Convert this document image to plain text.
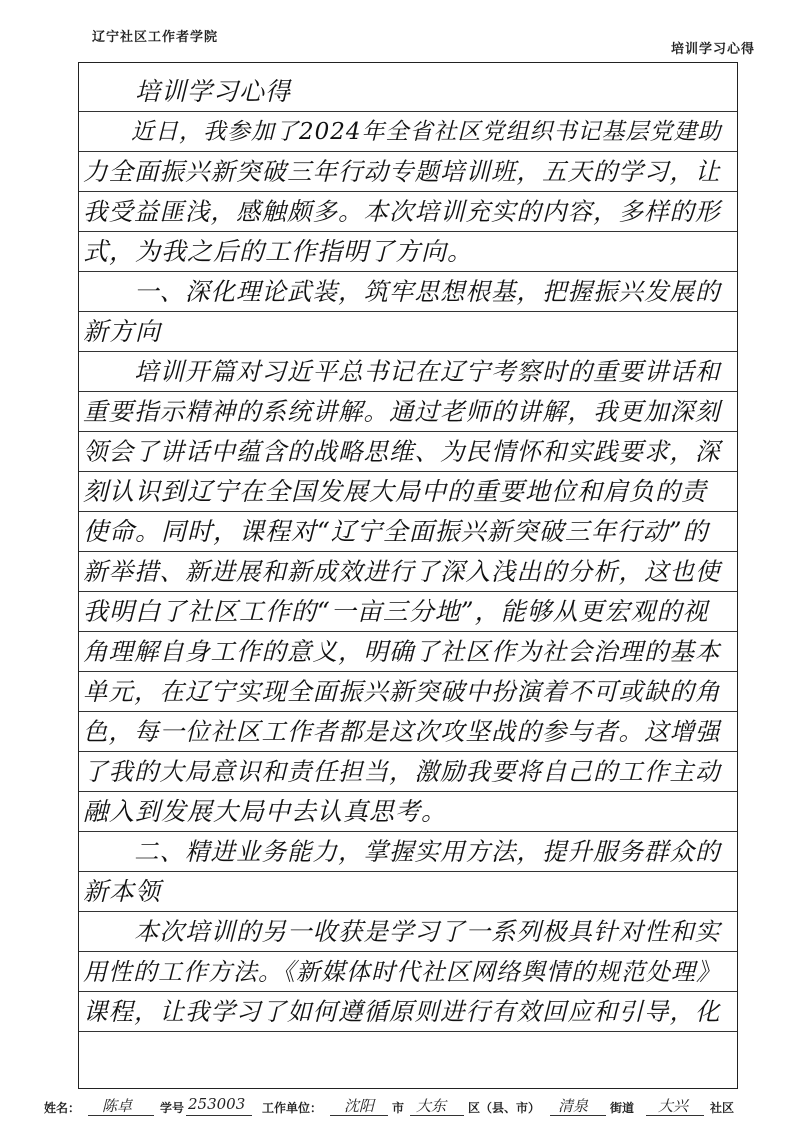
辽宁社区工作者学院
培训学习心得
　　培训学习心得
　　近日，我参加了2024年全省社区党组织书记基层党建助
力全面振兴新突破三年行动专题培训班，五天的学习，让
我受益匪浅，感触颇多。本次培训充实的内容，多样的形
式，为我之后的工作指明了方向。
　　一、深化理论武装，筑牢思想根基，把握振兴发展的
新方向
　　培训开篇对习近平总书记在辽宁考察时的重要讲话和
重要指示精神的系统讲解。通过老师的讲解，我更加深刻
领会了讲话中蕴含的战略思维、为民情怀和实践要求，深
刻认识到辽宁在全国发展大局中的重要地位和肩负的责
使命。同时，课程对“辽宁全面振兴新突破三年行动”的
新举措、新进展和新成效进行了深入浅出的分析，这也使
我明白了社区工作的“一亩三分地”，能够从更宏观的视
角理解自身工作的意义，明确了社区作为社会治理的基本
单元，在辽宁实现全面振兴新突破中扮演着不可或缺的角
色，每一位社区工作者都是这次攻坚战的参与者。这增强
了我的大局意识和责任担当，激励我要将自己的工作主动
融入到发展大局中去认真思考。
　　二、精进业务能力，掌握实用方法，提升服务群众的
新本领
　　本次培训的另一收获是学习了一系列极具针对性和实
用性的工作方法。《新媒体时代社区网络舆情的规范处理》
课程，让我学习了如何遵循原则进行有效回应和引导，化
姓名： 陈卓 学号 253003 工作单位： 沈阳 市 大东 区（县、市） 清泉 街道 大兴 社区
